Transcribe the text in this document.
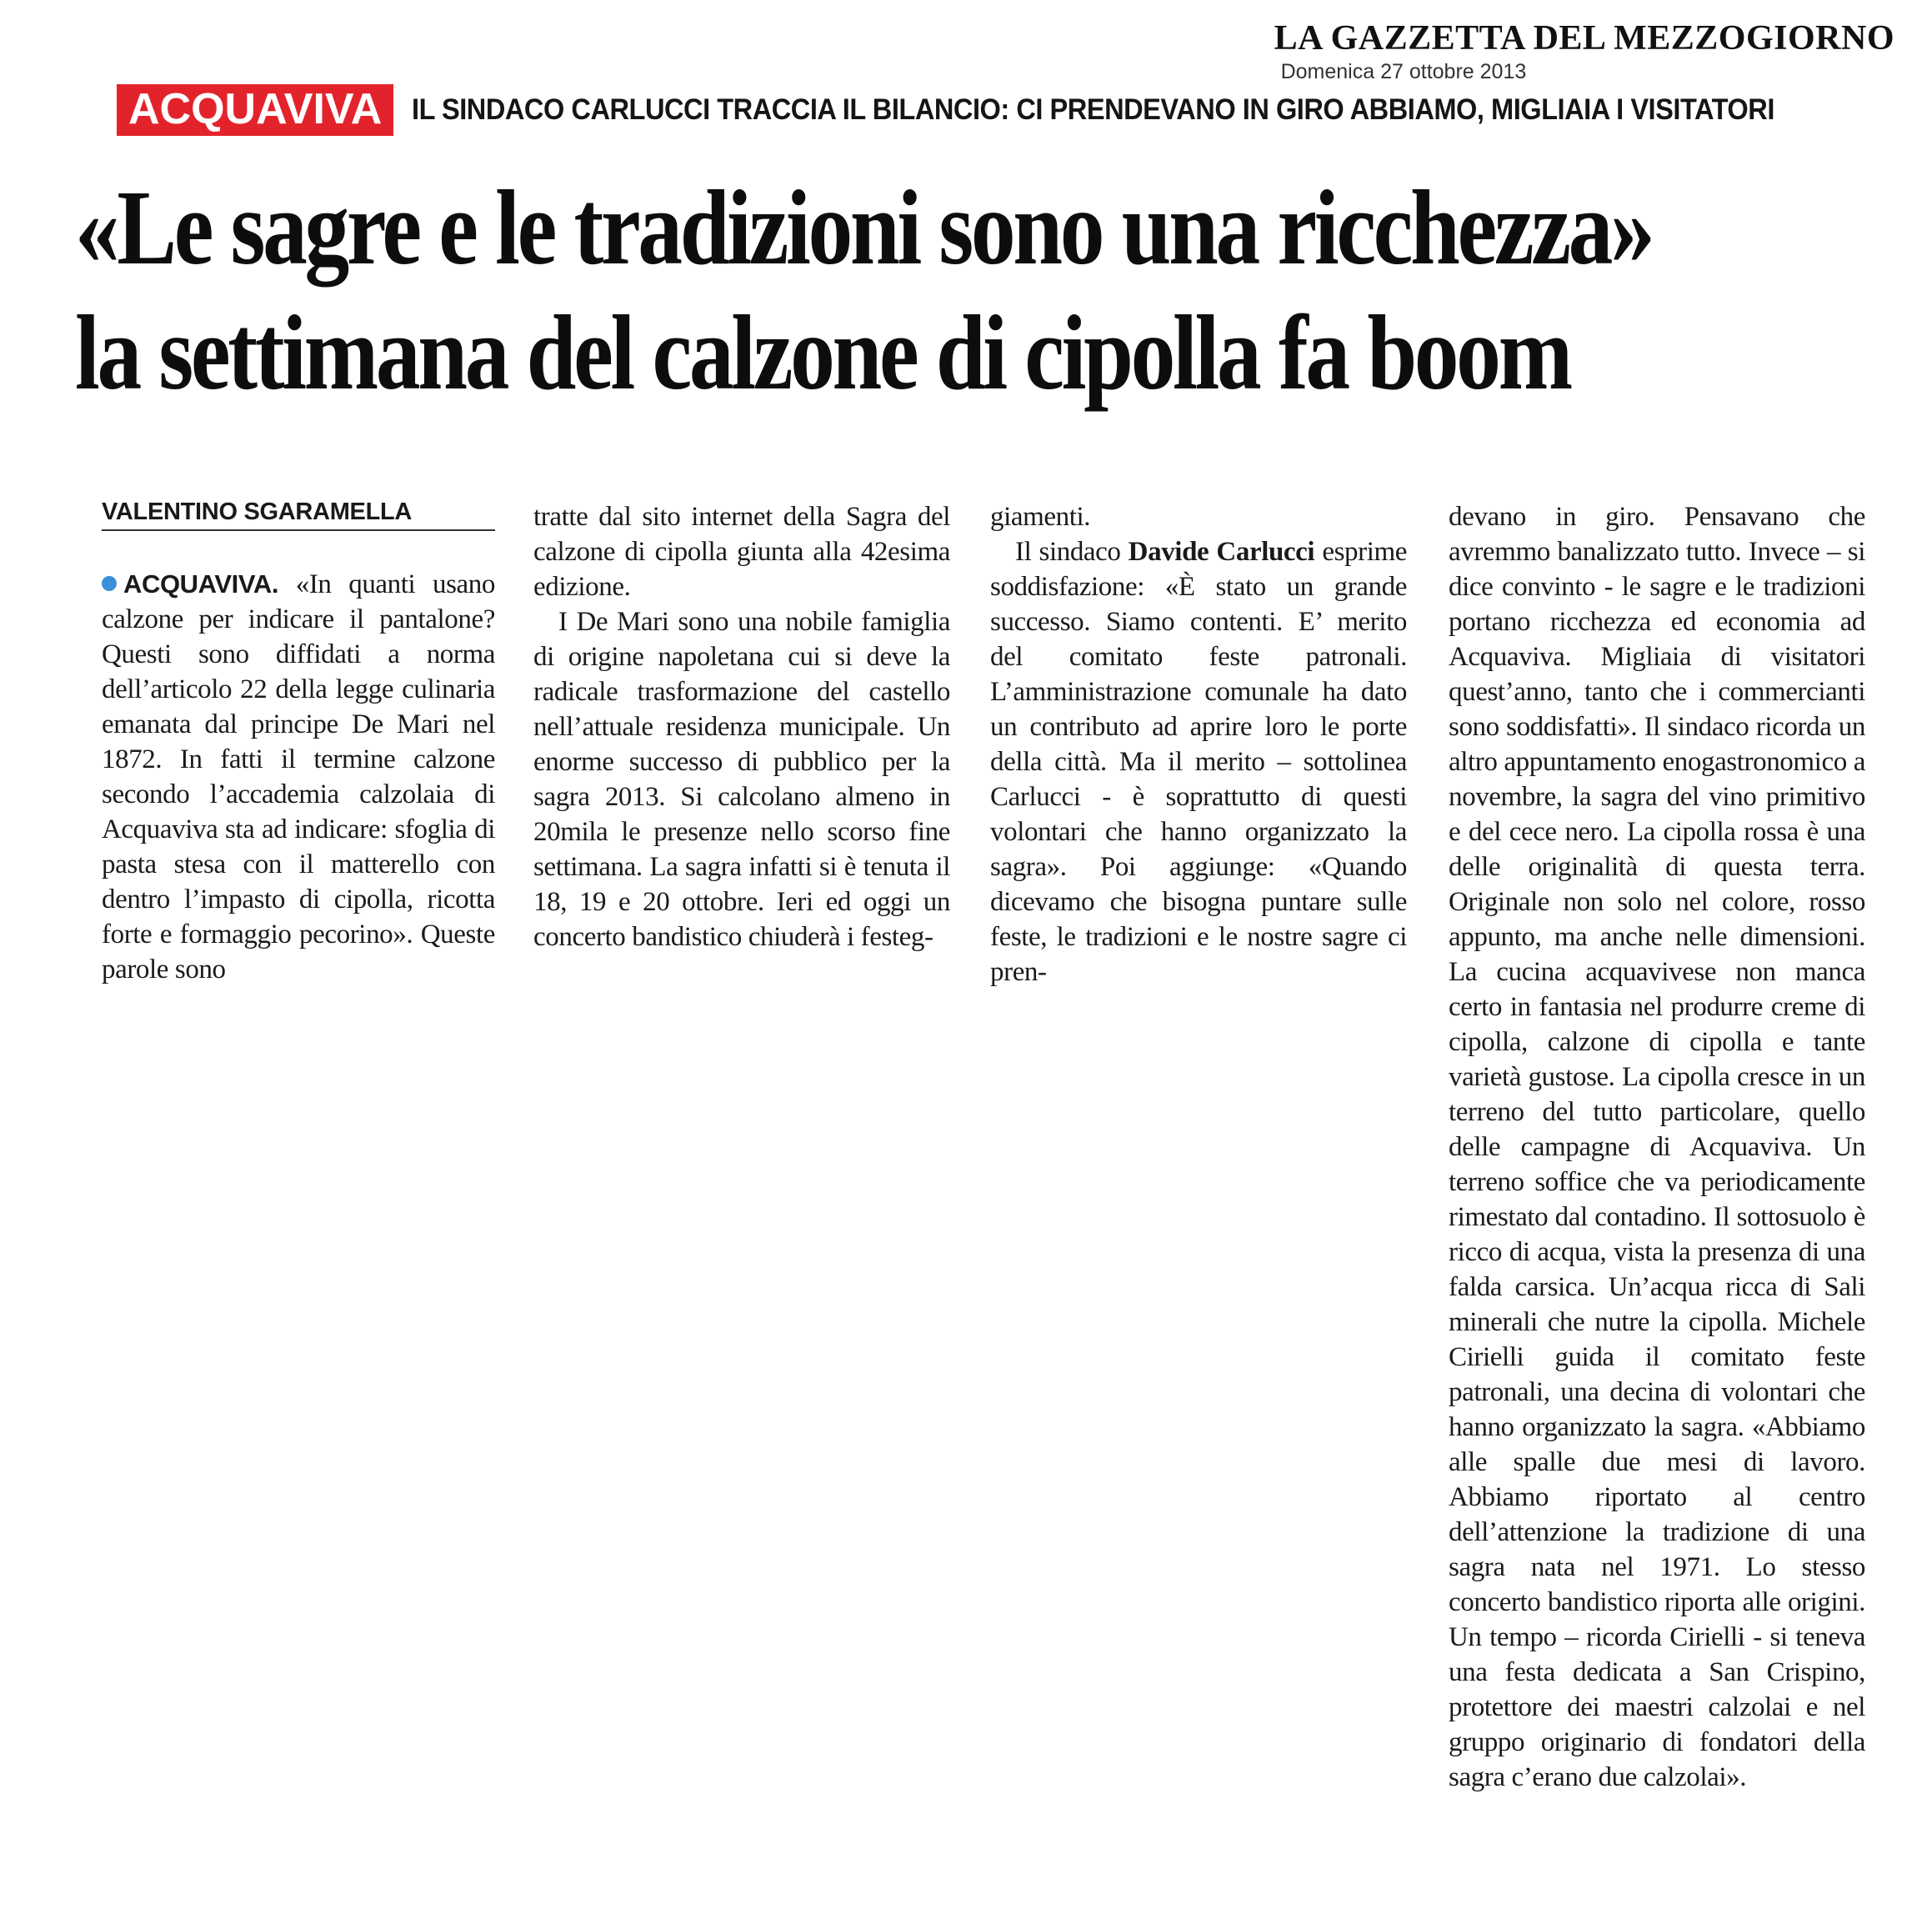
LA GAZZETTA DEL MEZZOGIORNO
Domenica 27 ottobre 2013
ACQUAVIVA	IL SINDACO CARLUCCI TRACCIA IL BILANCIO: CI PRENDEVANO IN GIRO ABBIAMO, MIGLIAIA I VISITATORI
«Le sagre e le tradizioni sono una ricchezza»
la settimana del calzone di cipolla fa boom
VALENTINO SGARAMELLA

ACQUAVIVA. «In quanti usano calzone per indicare il pantalone? Questi sono diffidati a norma dell’articolo 22 della legge culinaria emanata dal principe De Mari nel 1872. In fatti il termine calzone secondo l’accademia calzolaia di Acquaviva sta ad indicare: sfoglia di pasta stesa con il matterello con dentro l’impasto di cipolla, ricotta forte e formaggio pecorino». Queste parole sono

tratte dal sito internet della Sagra del calzone di cipolla giunta alla 42esima edizione.

I De Mari sono una nobile famiglia di origine napoletana cui si deve la radicale trasformazione del castello nell’attuale residenza municipale. Un enorme successo di pubblico per la sagra 2013. Si calcolano almeno in 20mila le presenze nello scorso fine settimana. La sagra infatti si è tenuta il 18, 19 e 20 ottobre. Ieri ed oggi un concerto bandistico chiuderà i festeg-

giamenti.

Il sindaco Davide Carlucci esprime soddisfazione: «È stato un grande successo. Siamo contenti. E’ merito del comitato feste patronali. L’amministrazione comunale ha dato un contributo ad aprire loro le porte della città. Ma il merito – sottolinea Carlucci - è soprattutto di questi volontari che hanno organizzato la sagra». Poi aggiunge: «Quando dicevamo che bisogna puntare sulle feste, le tradizioni e le nostre sagre ci pren-

devano in giro. Pensavano che avremmo banalizzato tutto. Invece – si dice convinto - le sagre e le tradizioni portano ricchezza ed economia ad Acquaviva. Migliaia di visitatori quest’anno, tanto che i commercianti sono soddisfatti». Il sindaco ricorda un altro appuntamento enogastronomico a novembre, la sagra del vino primitivo e del cece nero. La cipolla rossa è una delle originalità di questa terra. Originale non solo nel colore, rosso appunto, ma anche nelle dimensioni. La cucina acquavivese non manca certo in fantasia nel produrre creme di cipolla, calzone di cipolla e tante varietà gustose. La cipolla cresce in un terreno del tutto particolare, quello delle campagne di Acquaviva. Un terreno soffice che va periodicamente rimestato dal contadino. Il sottosuolo è ricco di acqua, vista la presenza di una falda carsica. Un’acqua ricca di Sali minerali che nutre la cipolla. Michele Cirielli guida il comitato feste patronali, una decina di volontari che hanno organizzato la sagra. «Abbiamo alle spalle due mesi di lavoro. Abbiamo riportato al centro dell’attenzione la tradizione di una sagra nata nel 1971. Lo stesso concerto bandistico riporta alle origini. Un tempo – ricorda Cirielli - si teneva una festa dedicata a San Crispino, protettore dei maestri calzolai e nel gruppo originario di fondatori della sagra c’erano due calzolai».
